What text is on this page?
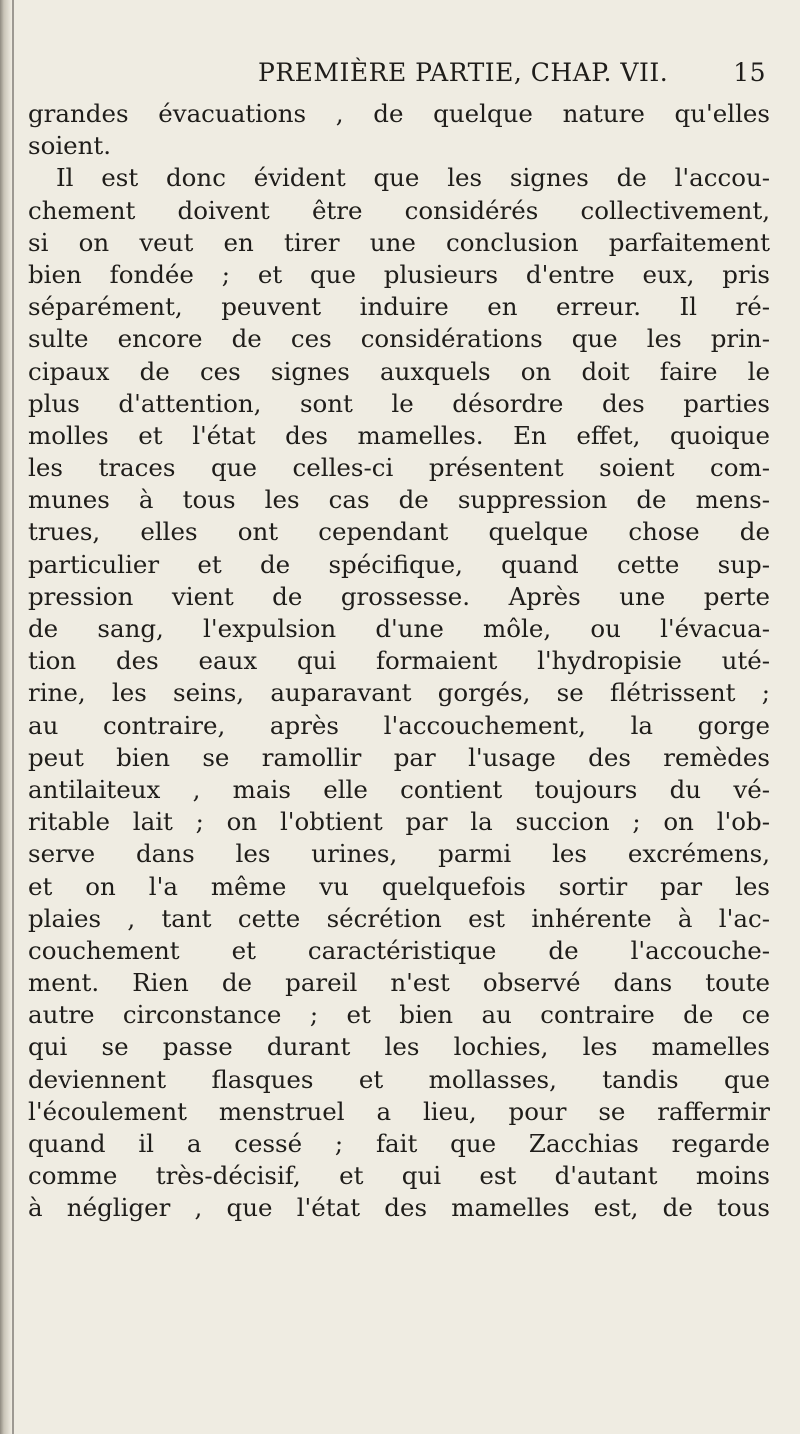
PREMIÈRE PARTIE, CHAP. VII.	15
grandes évacuations , de quelque nature qu'elles
soient.
Il est donc évident que les signes de l'accou-
chement doivent être considérés collectivement,
si on veut en tirer une conclusion parfaitement
bien fondée ; et que plusieurs d'entre eux, pris
séparément, peuvent induire en erreur. Il ré-
sulte encore de ces considérations que les prin-
cipaux de ces signes auxquels on doit faire le
plus d'attention, sont le désordre des parties
molles et l'état des mamelles. En effet, quoique
les traces que celles-ci présentent soient com-
munes à tous les cas de suppression de mens-
trues, elles ont cependant quelque chose de
particulier et de spécifique, quand cette sup-
pression vient de grossesse. Après une perte
de sang, l'expulsion d'une môle, ou l'évacua-
tion des eaux qui formaient l'hydropisie uté-
rine, les seins, auparavant gorgés, se flétrissent ;
au contraire, après l'accouchement, la gorge
peut bien se ramollir par l'usage des remèdes
antilaiteux , mais elle contient toujours du vé-
ritable lait ; on l'obtient par la succion ; on l'ob-
serve dans les urines, parmi les excrémens,
et on l'a même vu quelquefois sortir par les
plaies , tant cette sécrétion est inhérente à l'ac-
couchement et caractéristique de l'accouche-
ment. Rien de pareil n'est observé dans toute
autre circonstance ; et bien au contraire de ce
qui se passe durant les lochies, les mamelles
deviennent flasques et mollasses, tandis que
l'écoulement menstruel a lieu, pour se raffermir
quand il a cessé ; fait que Zacchias regarde
comme très-décisif, et qui est d'autant moins
à négliger , que l'état des mamelles est, de tous
